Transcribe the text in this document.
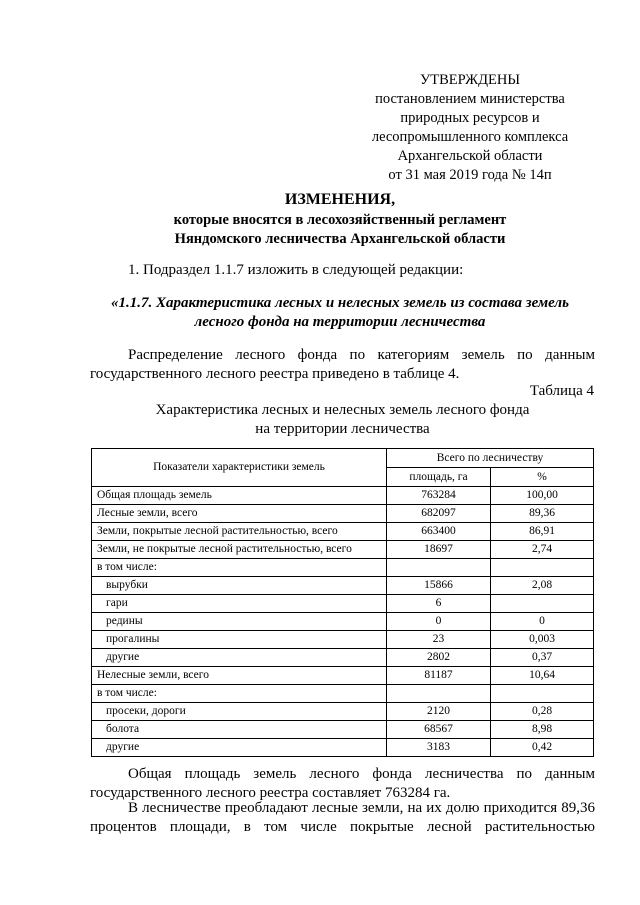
УТВЕРЖДЕНЫ
постановлением министерства
природных ресурсов и
лесопромышленного комплекса
Архангельской области
от 31 мая 2019 года № 14п
ИЗМЕНЕНИЯ,
которые вносятся в лесохозяйственный регламент
Няндомского лесничества Архангельской области
1. Подраздел 1.1.7 изложить в следующей редакции:
«1.1.7. Характеристика лесных и нелесных земель из состава земель
лесного фонда на территории лесничества
Распределение лесного фонда по категориям земель по данным государственного лесного реестра приведено в таблице 4.
Таблица 4
Характеристика лесных и нелесных земель лесного фонда
на территории лесничества
Показатели характеристики земель	Всего по лесничеству	
	площадь, га	%
Общая площадь земель	763284	100,00
Лесные земли, всего	682097	89,36
Земли, покрытые лесной растительностью, всего	663400	86,91
Земли, не покрытые лесной растительностью, всего	18697	2,74
в том числе:		
вырубки	15866	2,08
гари	6	
редины	0	0
прогалины	23	0,003
другие	2802	0,37
Нелесные земли, всего	81187	10,64
в том числе:		
просеки, дороги	2120	0,28
болота	68567	8,98
другие	3183	0,42
Общая площадь земель лесного фонда лесничества по данным государственного лесного реестра составляет 763284 га.
В лесничестве преобладают лесные земли, на их долю приходится 89,36 процентов площади, в том числе покрытые лесной растительностью
